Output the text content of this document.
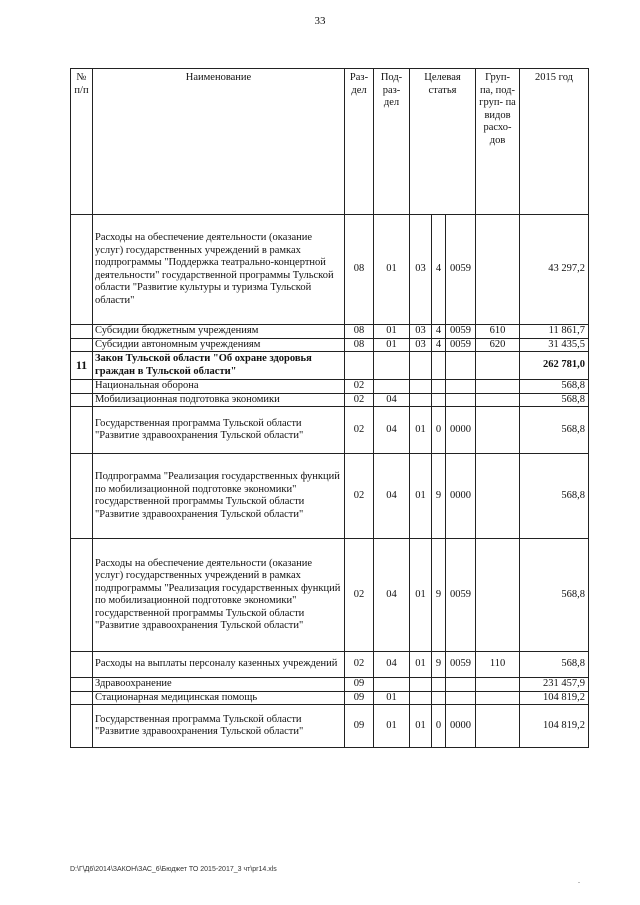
33
№ п/п	Наименование	Раз- дел	Под- раз- дел	Целевая статья			Груп- па, под- груп- па видов расхо- дов	2015 год
	Расходы на обеспечение деятельности (оказание услуг) государственных учреждений в рамках подпрограммы "Поддержка театрально-концертной деятельности" государственной программы Тульской области "Развитие культуры и туризма Тульской области"	08	01	03	4	0059		43 297,2
	Субсидии бюджетным учреждениям	08	01	03	4	0059	610	11 861,7
	Субсидии автономным учреждениям	08	01	03	4	0059	620	31 435,5
11	Закон Тульской области "Об охране здоровья граждан в Тульской области"							262 781,0
	Национальная оборона	02						568,8
	Мобилизационная подготовка экономики	02	04					568,8
	Государственная программа Тульской области "Развитие здравоохранения Тульской области"	02	04	01	0	0000		568,8
	Подпрограмма "Реализация государственных функций по мобилизационной подготовке экономики" государственной программы Тульской области "Развитие здравоохранения Тульской области"	02	04	01	9	0000		568,8
	Расходы на обеспечение деятельности (оказание услуг) государственных учреждений в рамках подпрограммы "Реализация государственных функций по мобилизационной подготовке экономики" государственной программы Тульской области "Развитие здравоохранения Тульской области"	02	04	01	9	0059		568,8
	Расходы на выплаты персоналу казенных учреждений	02	04	01	9	0059	110	568,8
	Здравоохранение	09						231 457,9
	Стационарная медицинская помощь	09	01					104 819,2
	Государственная программа Тульской области "Развитие здравоохранения Тульской области"	09	01	01	0	0000		104 819,2
D:\Г\Д6\2014\ЗАКОН\ЗАС_6\Бюджет ТО 2015-2017_3 чт\pr14.xls
.
